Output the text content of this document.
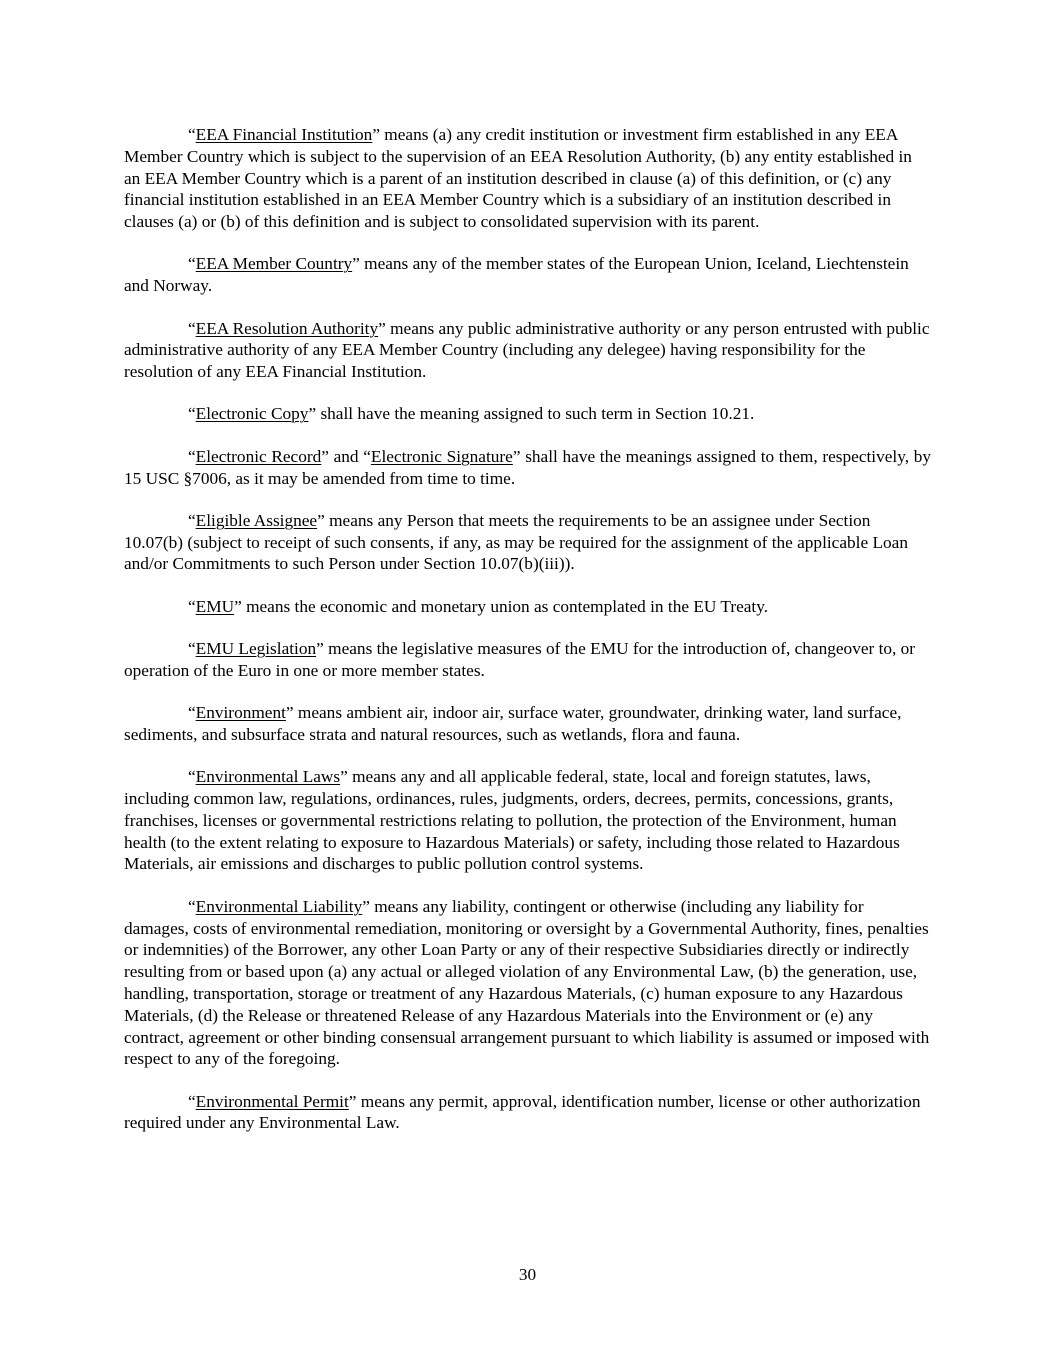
“EEA Financial Institution” means (a) any credit institution or investment firm established in any EEA Member Country which is subject to the supervision of an EEA Resolution Authority, (b) any entity established in an EEA Member Country which is a parent of an institution described in clause (a) of this definition, or (c) any financial institution established in an EEA Member Country which is a subsidiary of an institution described in clauses (a) or (b) of this definition and is subject to consolidated supervision with its parent.

“EEA Member Country” means any of the member states of the European Union, Iceland, Liechtenstein and Norway.

“EEA Resolution Authority” means any public administrative authority or any person entrusted with public administrative authority of any EEA Member Country (including any delegee) having responsibility for the resolution of any EEA Financial Institution.

“Electronic Copy” shall have the meaning assigned to such term in Section 10.21.

“Electronic Record” and “Electronic Signature” shall have the meanings assigned to them, respectively, by 15 USC §7006, as it may be amended from time to time.

“Eligible Assignee” means any Person that meets the requirements to be an assignee under Section 10.07(b) (subject to receipt of such consents, if any, as may be required for the assignment of the applicable Loan and/or Commitments to such Person under Section 10.07(b)(iii)).

“EMU” means the economic and monetary union as contemplated in the EU Treaty.

“EMU Legislation” means the legislative measures of the EMU for the introduction of, changeover to, or operation of the Euro in one or more member states.

“Environment” means ambient air, indoor air, surface water, groundwater, drinking water, land surface, sediments, and subsurface strata and natural resources, such as wetlands, flora and fauna.

“Environmental Laws” means any and all applicable federal, state, local and foreign statutes, laws, including common law, regulations, ordinances, rules, judgments, orders, decrees, permits, concessions, grants, franchises, licenses or governmental restrictions relating to pollution, the protection of the Environment, human health (to the extent relating to exposure to Hazardous Materials) or safety, including those related to Hazardous Materials, air emissions and discharges to public pollution control systems.

“Environmental Liability” means any liability, contingent or otherwise (including any liability for damages, costs of environmental remediation, monitoring or oversight by a Governmental Authority, fines, penalties or indemnities) of the Borrower, any other Loan Party or any of their respective Subsidiaries directly or indirectly resulting from or based upon (a) any actual or alleged violation of any Environmental Law, (b) the generation, use, handling, transportation, storage or treatment of any Hazardous Materials, (c) human exposure to any Hazardous Materials, (d) the Release or threatened Release of any Hazardous Materials into the Environment or (e) any contract, agreement or other binding consensual arrangement pursuant to which liability is assumed or imposed with respect to any of the foregoing.

“Environmental Permit” means any permit, approval, identification number, license or other authorization required under any Environmental Law.

30
